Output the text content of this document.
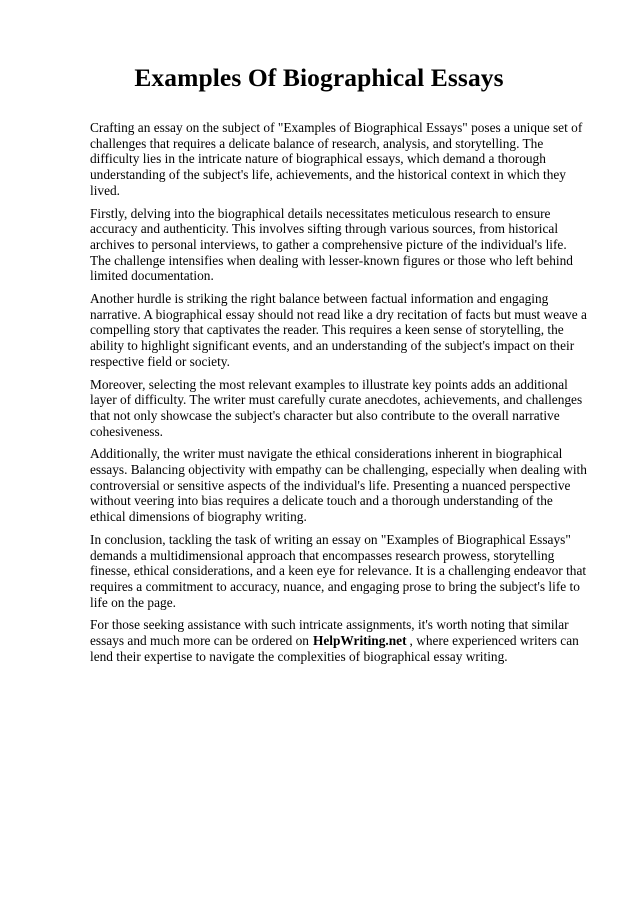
Examples Of Biographical Essays

Crafting an essay on the subject of "Examples of Biographical Essays" poses a unique set of challenges that requires a delicate balance of research, analysis, and storytelling. The difficulty lies in the intricate nature of biographical essays, which demand a thorough understanding of the subject's life, achievements, and the historical context in which they lived.

Firstly, delving into the biographical details necessitates meticulous research to ensure accuracy and authenticity. This involves sifting through various sources, from historical archives to personal interviews, to gather a comprehensive picture of the individual's life. The challenge intensifies when dealing with lesser-known figures or those who left behind limited documentation.

Another hurdle is striking the right balance between factual information and engaging narrative. A biographical essay should not read like a dry recitation of facts but must weave a compelling story that captivates the reader. This requires a keen sense of storytelling, the ability to highlight significant events, and an understanding of the subject's impact on their respective field or society.

Moreover, selecting the most relevant examples to illustrate key points adds an additional layer of difficulty. The writer must carefully curate anecdotes, achievements, and challenges that not only showcase the subject's character but also contribute to the overall narrative cohesiveness.

Additionally, the writer must navigate the ethical considerations inherent in biographical essays. Balancing objectivity with empathy can be challenging, especially when dealing with controversial or sensitive aspects of the individual's life. Presenting a nuanced perspective without veering into bias requires a delicate touch and a thorough understanding of the ethical dimensions of biography writing.

In conclusion, tackling the task of writing an essay on "Examples of Biographical Essays" demands a multidimensional approach that encompasses research prowess, storytelling finesse, ethical considerations, and a keen eye for relevance. It is a challenging endeavor that requires a commitment to accuracy, nuance, and engaging prose to bring the subject's life to life on the page.

For those seeking assistance with such intricate assignments, it's worth noting that similar essays and much more can be ordered on HelpWriting.net , where experienced writers can lend their expertise to navigate the complexities of biographical essay writing.
